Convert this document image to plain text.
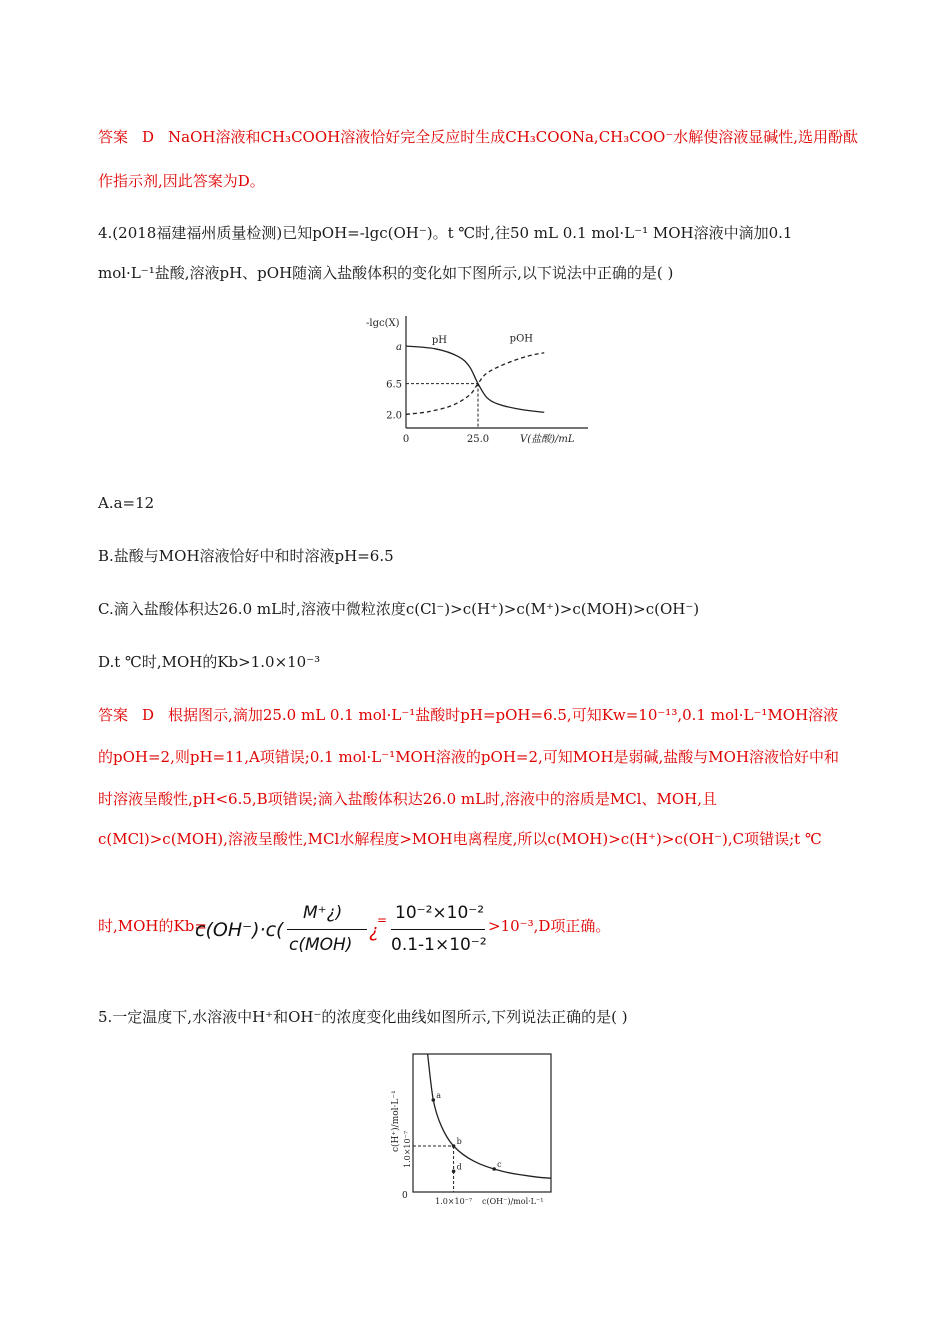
答案 D NaOH溶液和CH₃COOH溶液恰好完全反应时生成CH₃COONa,CH₃COO⁻水解使溶液显碱性,选用酚酞
作指示剂,因此答案为D。
4.(2018福建福州质量检测)已知pOH=-lgc(OH⁻)。t ℃时,往50 mL 0.1 mol·L⁻¹ MOH溶液中滴加0.1
mol·L⁻¹盐酸,溶液pH、pOH随滴入盐酸体积的变化如下图所示,以下说法中正确的是( )
-lgc(X)
V(盐酸)/mL
a
6.5
2.0
0	25.0
pH	pOH
A.a=12
B.盐酸与MOH溶液恰好中和时溶液pH=6.5
C.滴入盐酸体积达26.0 mL时,溶液中微粒浓度c(Cl⁻)>c(H⁺)>c(M⁺)>c(MOH)>c(OH⁻)
D.t ℃时,MOH的Kb>1.0×10⁻³
答案 D 根据图示,滴加25.0 mL 0.1 mol·L⁻¹盐酸时pH=pOH=6.5,可知Kw=10⁻¹³,0.1 mol·L⁻¹MOH溶液
的pOH=2,则pH=11,A项错误;0.1 mol·L⁻¹MOH溶液的pOH=2,可知MOH是弱碱,盐酸与MOH溶液恰好中和
时溶液呈酸性,pH<6.5,B项错误;滴入盐酸体积达26.0 mL时,溶液中的溶质是MCl、MOH,且
c(MCl)>c(MOH),溶液呈酸性,MCl水解程度>MOH电离程度,所以c(MOH)>c(H⁺)>c(OH⁻),C项错误;t ℃
时,MOH的Kb=
c(OH⁻)·c(
M⁺¿)
c(MOH)
¿
= 10⁻²×10⁻²
0.1-1×10⁻²
>10⁻³,D项正确。
5.一定温度下,水溶液中H⁺和OH⁻的浓度变化曲线如图所示,下列说法正确的是( )
c(H⁺)/mol·L⁻¹
c(OH⁻)/mol·L⁻¹
0
1.0×10⁻⁷
1.0×10⁻⁷
a
b
c
d
